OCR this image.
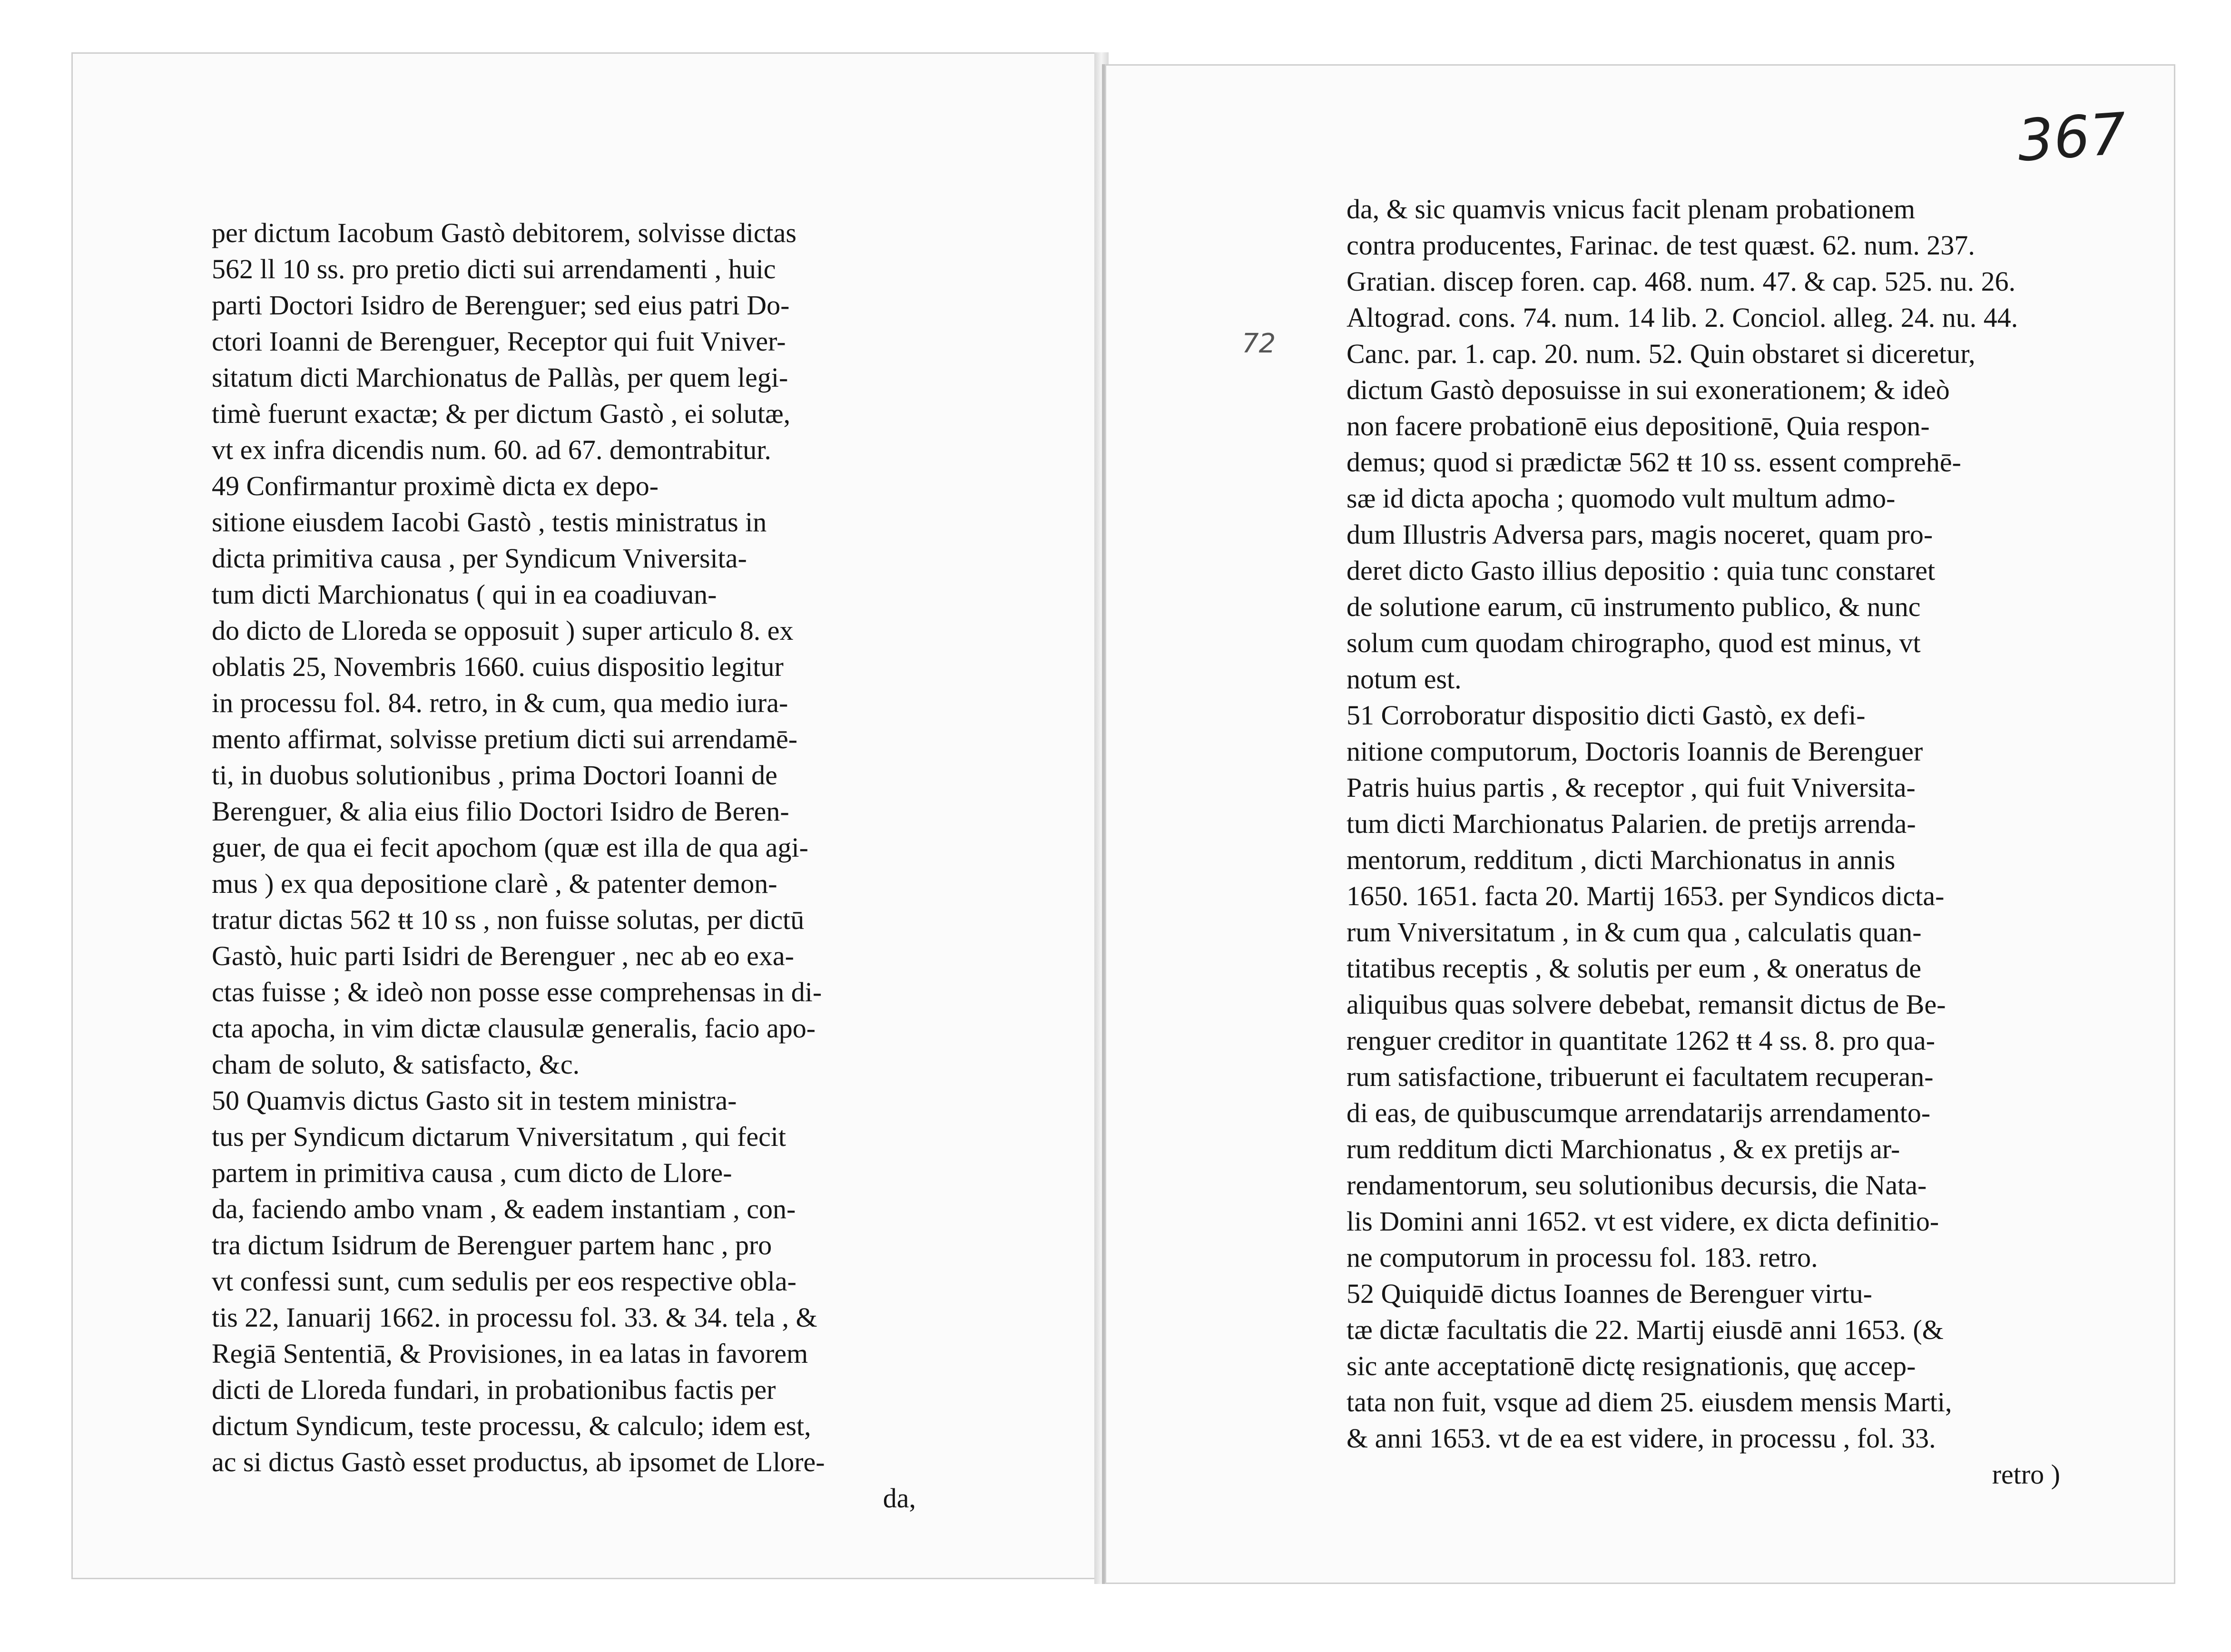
367
72
per dictum Iacobum Gastò debitorem, solvisse dictas
562 ll 10 ss. pro pretio dicti sui arrendamenti , huic
parti Doctori Isidro de Berenguer; sed eius patri Do-
ctori Ioanni de Berenguer, Receptor qui fuit Vniver-
sitatum dicti Marchionatus de Pallàs, per quem legi-
timè fuerunt exactæ; & per dictum Gastò , ei solutæ,
vt ex infra dicendis num. 60. ad 67. demontrabitur.
49 Confirmantur proximè dicta ex depo-
sitione eiusdem Iacobi Gastò , testis ministratus in
dicta primitiva causa , per Syndicum Vniversita-
tum dicti Marchionatus ( qui in ea coadiuvan-
do dicto de Lloreda se opposuit ) super articulo 8. ex
oblatis 25, Novembris 1660. cuius dispositio legitur
in processu fol. 84. retro, in & cum, qua medio iura-
mento affirmat, solvisse pretium dicti sui arrendamē-
ti, in duobus solutionibus , prima Doctori Ioanni de
Berenguer, & alia eius filio Doctori Isidro de Beren-
guer, de qua ei fecit apochom (quæ est illa de qua agi-
mus ) ex qua depositione clarè , & patenter demon-
tratur dictas 562 ŧŧ 10 ss , non fuisse solutas, per dictū
Gastò, huic parti Isidri de Berenguer , nec ab eo exa-
ctas fuisse ; & ideò non posse esse comprehensas in di-
cta apocha, in vim dictæ clausulæ generalis, facio apo-
cham de soluto, & satisfacto, &c.
50 Quamvis dictus Gasto sit in testem ministra-
tus per Syndicum dictarum Vniversitatum , qui fecit
partem in primitiva causa , cum dicto de Llore-
da, faciendo ambo vnam , & eadem instantiam , con-
tra dictum Isidrum de Berenguer partem hanc , pro
vt confessi sunt, cum sedulis per eos respective obla-
tis 22, Ianuarij 1662. in processu fol. 33. & 34. tela , &
Regiā Sententiā, & Provisiones, in ea latas in favorem
dicti de Lloreda fundari, in probationibus factis per
dictum Syndicum, teste processu, & calculo; idem est,
ac si dictus Gastò esset productus, ab ipsomet de Llore-
da,
da, & sic quamvis vnicus facit plenam probationem
contra producentes, Farinac. de test quæst. 62. num. 237.
Gratian. discep foren. cap. 468. num. 47. & cap. 525. nu. 26.
Altograd. cons. 74. num. 14 lib. 2. Conciol. alleg. 24. nu. 44.
Canc. par. 1. cap. 20. num. 52. Quin obstaret si diceretur,
dictum Gastò deposuisse in sui exonerationem; & ideò
non facere probationē eius depositionē, Quia respon-
demus; quod si prædictæ 562 ŧŧ 10 ss. essent comprehē-
sæ id dicta apocha ; quomodo vult multum admo-
dum Illustris Adversa pars, magis noceret, quam pro-
deret dicto Gasto illius depositio : quia tunc constaret
de solutione earum, cū instrumento publico, & nunc
solum cum quodam chirographo, quod est minus, vt
notum est.
51 Corroboratur dispositio dicti Gastò, ex defi-
nitione computorum, Doctoris Ioannis de Berenguer
Patris huius partis , & receptor , qui fuit Vniversita-
tum dicti Marchionatus Palarien. de pretijs arrenda-
mentorum, redditum , dicti Marchionatus in annis
1650. 1651. facta 20. Martij 1653. per Syndicos dicta-
rum Vniversitatum , in & cum qua , calculatis quan-
titatibus receptis , & solutis per eum , & oneratus de
aliquibus quas solvere debebat, remansit dictus de Be-
renguer creditor in quantitate 1262 ŧŧ 4 ss. 8. pro qua-
rum satisfactione, tribuerunt ei facultatem recuperan-
di eas, de quibuscumque arrendatarijs arrendamento-
rum redditum dicti Marchionatus , & ex pretijs ar-
rendamentorum, seu solutionibus decursis, die Nata-
lis Domini anni 1652. vt est videre, ex dicta definitio-
ne computorum in processu fol. 183. retro.
52 Quiquidē dictus Ioannes de Berenguer virtu-
tæ dictæ facultatis die 22. Martij eiusdē anni 1653. (&
sic ante acceptationē dictę resignationis, quę accep-
tata non fuit, vsque ad diem 25. eiusdem mensis Marti,
& anni 1653. vt de ea est videre, in processu , fol. 33.
retro )
